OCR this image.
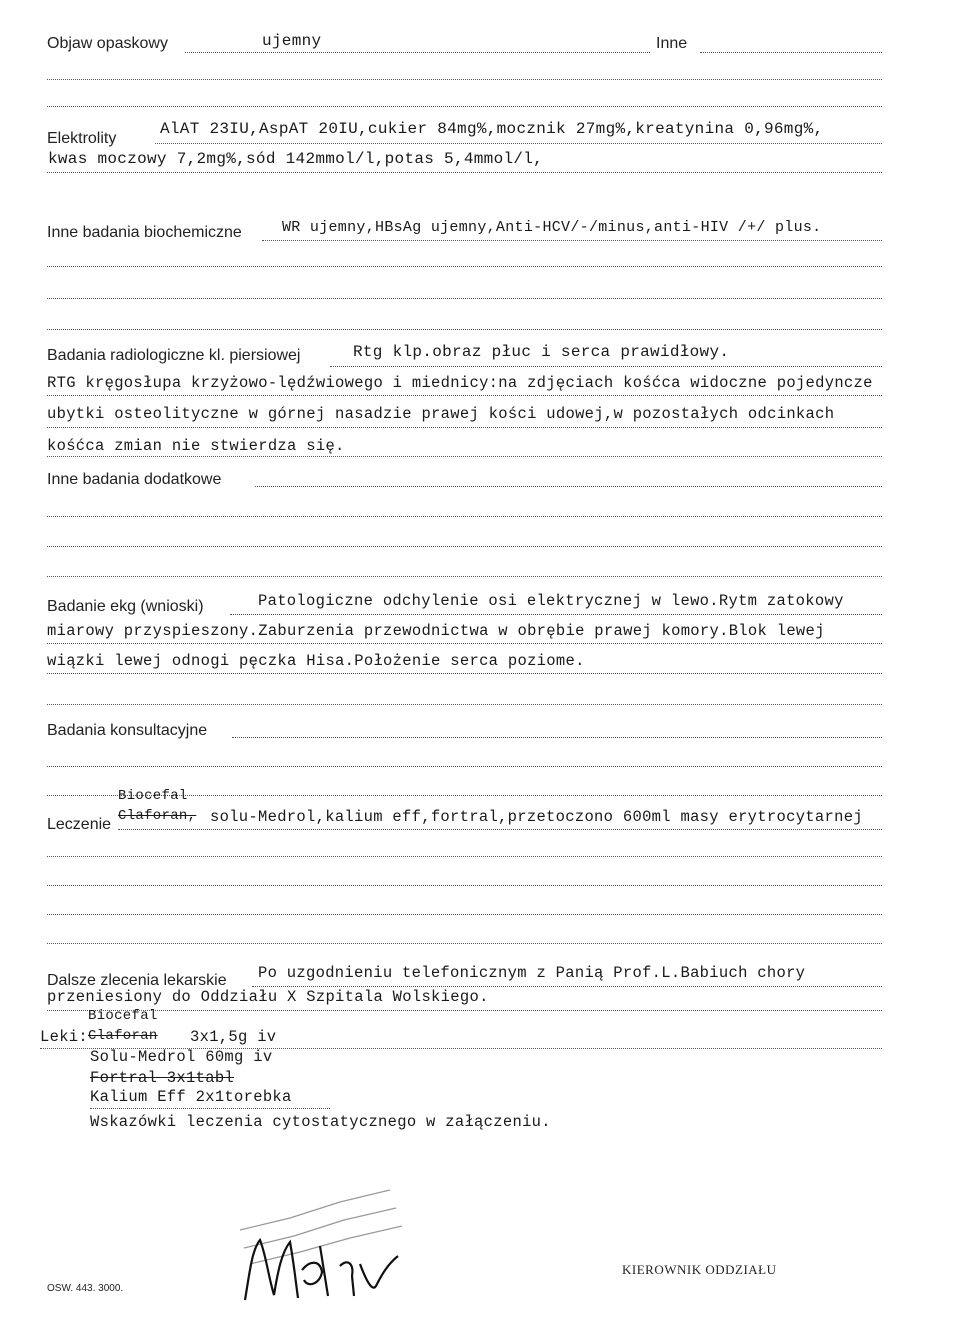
Objaw opaskowy	ujemny	Inne
Elektrolity
AlAT 23IU,AspAT 20IU,cukier 84mg%,mocznik 27mg%,kreatynina 0,96mg%,
kwas moczowy 7,2mg%,sód 142mmol/l,potas 5,4mmol/l,
Inne badania biochemiczne	WR ujemny,HBsAg ujemny,Anti-HCV/-/minus,anti-HIV /+/ plus.
Badania radiologiczne kl. piersiowej	Rtg klp.obraz płuc i serca prawidłowy.
RTG kręgosłupa krzyżowo-lędźwiowego i miednicy:na zdjęciach kośćca widoczne pojedyncze
ubytki osteolityczne w górnej nasadzie prawej kości udowej,w pozostałych odcinkach
kośćca zmian nie stwierdza się.
Inne badania dodatkowe
Badanie ekg (wnioski)	Patologiczne odchylenie osi elektrycznej w lewo.Rytm zatokowy
miarowy przyspieszony.Zaburzenia przewodnictwa w obrębie prawej komory.Blok lewej
wiązki lewej odnogi pęczka Hisa.Położenie serca poziome.
Badania konsultacyjne
Biocefal
Leczenie Claforan, solu-Medrol,kalium eff,fortral,przetoczono 600ml masy erytrocytarnej
Dalsze zlecenia lekarskie Po uzgodnieniu telefonicznym z Panią Prof.L.Babiuch chory
przeniesiony do Oddziału X Szpitala Wolskiego.
Biocefal
Leki: Claforan 3x1,5g iv
Solu-Medrol 60mg iv
Fortral 3x1tabl
Kalium Eff 2x1torebka
Wskazówki leczenia cytostatycznego w załączeniu.
OSW. 443. 3000.
KIEROWNIK ODDZIAŁU
